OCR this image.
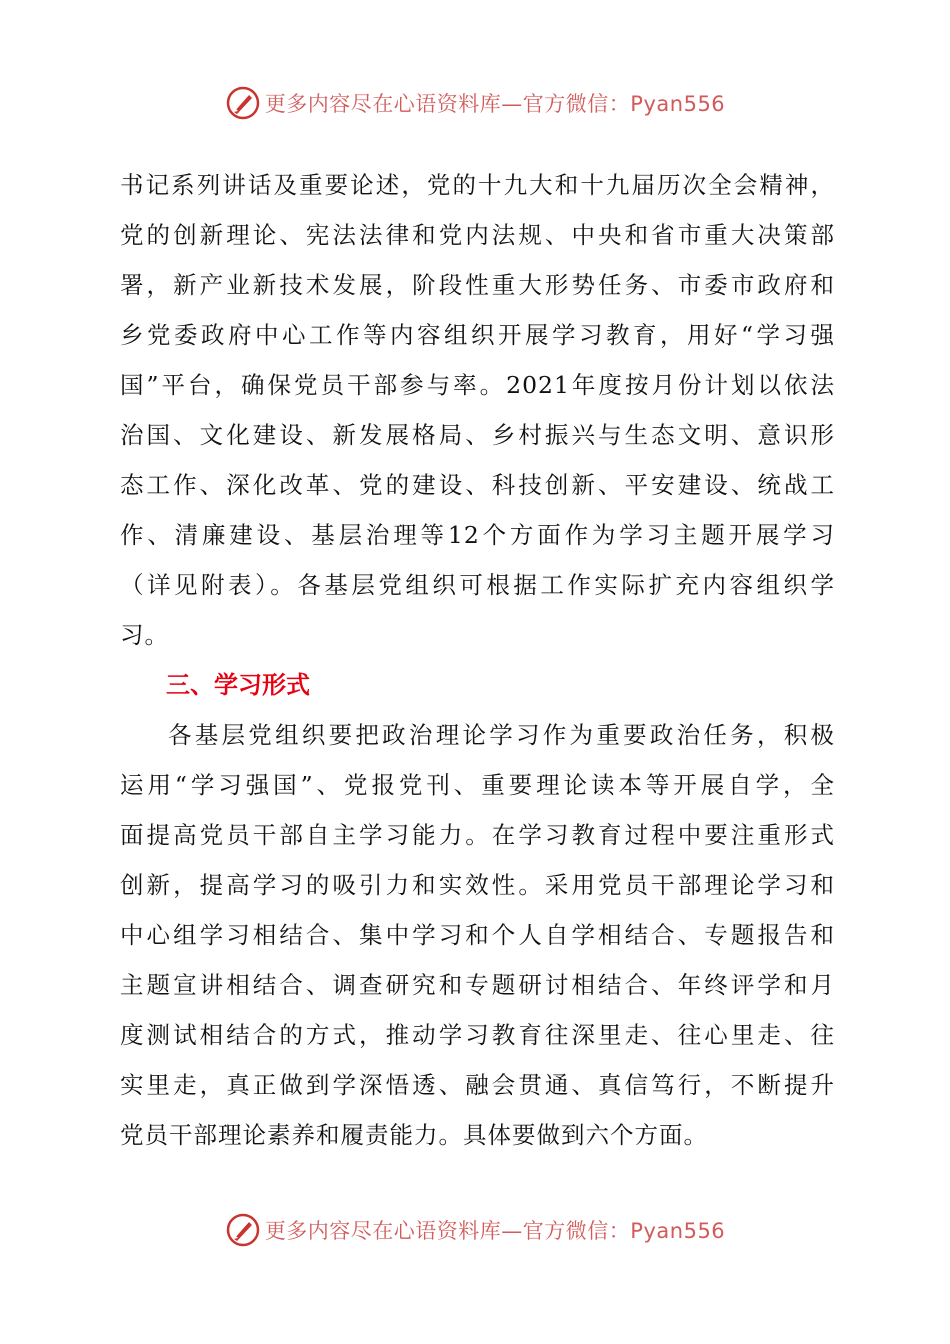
更多内容尽在心语资料库—官方微信：Pyan556
书记系列讲话及重要论述，党的十九大和十九届历次全会精神，
党的创新理论、宪法法律和党内法规、中央和省市重大决策部
署，新产业新技术发展，阶段性重大形势任务、市委市政府和
乡党委政府中心工作等内容组织开展学习教育，用好“学习强
国”平台，确保党员干部参与率。2021年度按月份计划以依法
治国、文化建设、新发展格局、乡村振兴与生态文明、意识形
态工作、深化改革、党的建设、科技创新、平安建设、统战工
作、清廉建设、基层治理等12个方面作为学习主题开展学习
（详见附表）。各基层党组织可根据工作实际扩充内容组织学
习。
三、学习形式
各基层党组织要把政治理论学习作为重要政治任务，积极
运用“学习强国”、党报党刊、重要理论读本等开展自学，全
面提高党员干部自主学习能力。在学习教育过程中要注重形式
创新，提高学习的吸引力和实效性。采用党员干部理论学习和
中心组学习相结合、集中学习和个人自学相结合、专题报告和
主题宣讲相结合、调查研究和专题研讨相结合、年终评学和月
度测试相结合的方式，推动学习教育往深里走、往心里走、往
实里走，真正做到学深悟透、融会贯通、真信笃行，不断提升
党员干部理论素养和履责能力。具体要做到六个方面。
更多内容尽在心语资料库—官方微信：Pyan556
